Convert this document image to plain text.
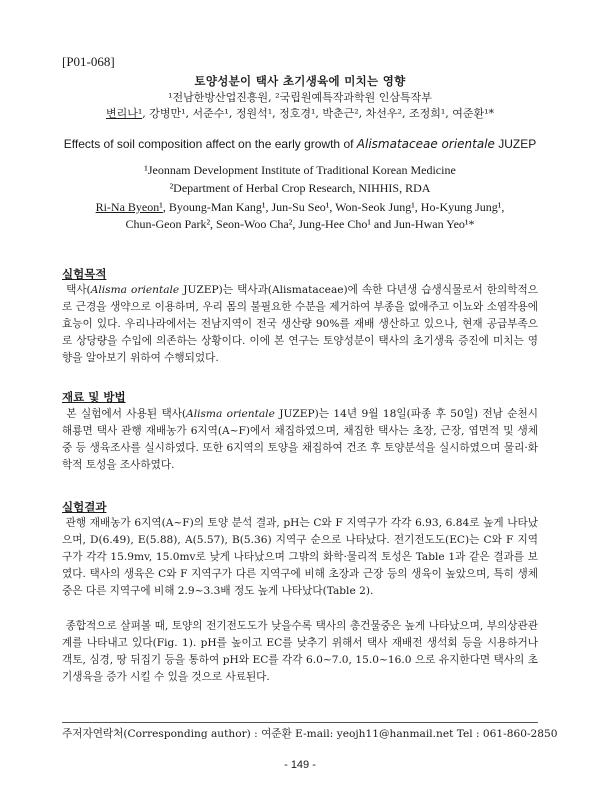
[P01-068]
토양성분이 택사 초기생육에 미치는 영향
¹전남한방산업진흥원, ²국립원예특작과학원 인삼특작부
변리나¹, 강병만¹, 서준수¹, 정원석¹, 정호경¹, 박춘근², 차선우², 조정희¹, 여준환¹*
Effects of soil composition affect on the early growth of Alismataceae orientale JUZEP
¹Jeonnam Development Institute of Traditional Korean Medicine
²Department of Herbal Crop Research, NIHHIS, RDA
Ri-Na Byeon¹, Byoung-Man Kang¹, Jun-Su Seo¹, Won-Seok Jung¹, Ho-Kyung Jung¹,
Chun-Geon Park², Seon-Woo Cha², Jung-Hee Cho¹ and Jun-Hwan Yeo¹*
실험목적

택사(Alisma orientale JUZEP)는 택사과(Alismataceae)에 속한 다년생 습생식물로서 한의학적으로 근경을 생약으로 이용하며, 우리 몸의 불필요한 수분을 제거하여 부종을 없애주고 이뇨와 소염작용에 효능이 있다. 우리나라에서는 전남지역이 전국 생산량 90%를 재배 생산하고 있으나, 현재 공급부족으로 상당량을 수입에 의존하는 상황이다. 이에 본 연구는 토양성분이 택사의 초기생육 증진에 미치는 영향을 알아보기 위하여 수행되었다.

재료 및 방법

본 실험에서 사용된 택사(Alisma orientale JUZEP)는 14년 9월 18일(파종 후 50일) 전남 순천시 해룡면 택사 관행 재배농가 6지역(A~F)에서 채집하였으며, 채집한 택사는 초장, 근장, 엽면적 및 생체중 등 생육조사를 실시하였다. 또한 6지역의 토양을 채집하여 건조 후 토양분석을 실시하였으며 물리·화학적 토성을 조사하였다.

실험결과

관행 재배농가 6지역(A~F)의 토양 분석 결과, pH는 C와 F 지역구가 각각 6.93, 6.84로 높게 나타났으며, D(6.49), E(5.88), A(5.57), B(5.36) 지역구 순으로 나타났다. 전기전도도(EC)는 C와 F 지역구가 각각 15.9mv, 15.0mv로 낮게 나타났으며 그밖의 화학·물리적 토성은 Table 1과 같은 결과를 보였다. 택사의 생육은 C와 F 지역구가 다른 지역구에 비해 초장과 근장 등의 생육이 높았으며, 특히 생체중은 다른 지역구에 비해 2.9~3.3배 정도 높게 나타났다(Table 2).

종합적으로 살펴볼 때, 토양의 전기전도도가 낮을수록 택사의 총건물중은 높게 나타났으며, 부의상관관계를 나타내고 있다(Fig. 1). pH를 높이고 EC를 낮추기 위해서 택사 재배전 생석회 등을 시용하거나 객토, 심경, 땅 뒤집기 등을 통하여 pH와 EC를 각각 6.0~7.0, 15.0~16.0 으로 유지한다면 택사의 초기생육을 증가 시킬 수 있을 것으로 사료된다.

주저자연락처(Corresponding author) : 여준환 E-mail: yeojh11@hanmail.net Tel : 061-860-2850
- 149 -
